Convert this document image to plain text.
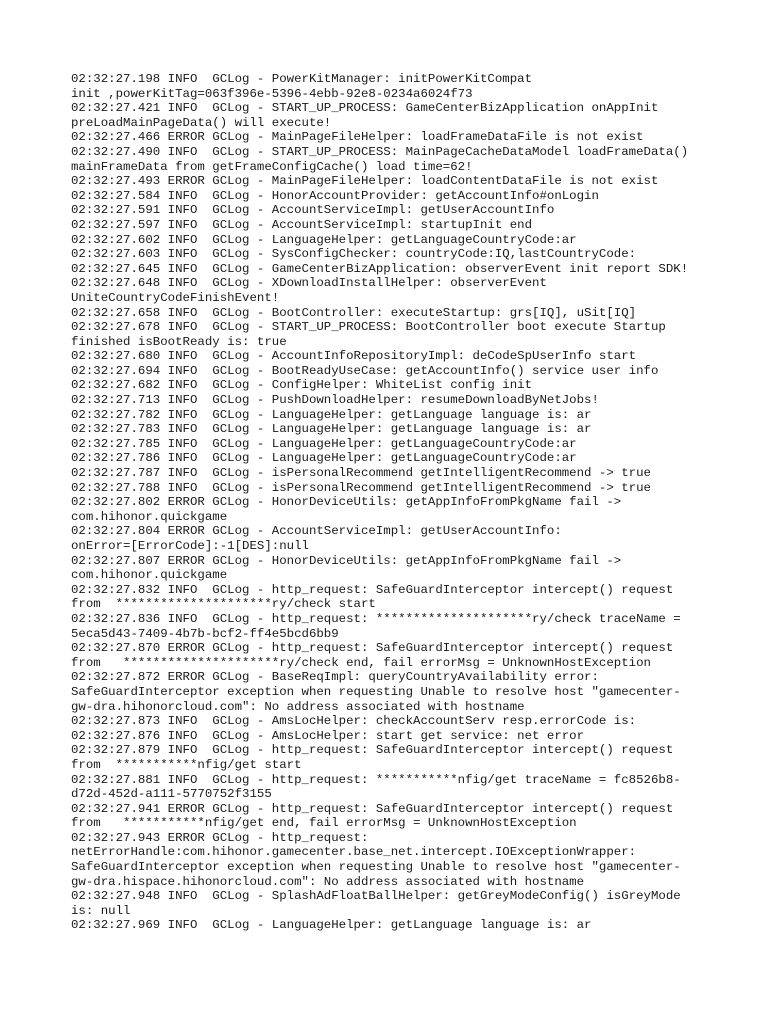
02:32:27.198 INFO  GCLog - PowerKitManager: initPowerKitCompat
init ,powerKitTag=063f396e-5396-4ebb-92e8-0234a6024f73
02:32:27.421 INFO  GCLog - START_UP_PROCESS: GameCenterBizApplication onAppInit
preLoadMainPageData() will execute!
02:32:27.466 ERROR GCLog - MainPageFileHelper: loadFrameDataFile is not exist
02:32:27.490 INFO  GCLog - START_UP_PROCESS: MainPageCacheDataModel loadFrameData()
mainFrameData from getFrameConfigCache() load time=62!
02:32:27.493 ERROR GCLog - MainPageFileHelper: loadContentDataFile is not exist
02:32:27.584 INFO  GCLog - HonorAccountProvider: getAccountInfo#onLogin
02:32:27.591 INFO  GCLog - AccountServiceImpl: getUserAccountInfo
02:32:27.597 INFO  GCLog - AccountServiceImpl: startupInit end
02:32:27.602 INFO  GCLog - LanguageHelper: getLanguageCountryCode:ar
02:32:27.603 INFO  GCLog - SysConfigChecker: countryCode:IQ,lastCountryCode:
02:32:27.645 INFO  GCLog - GameCenterBizApplication: observerEvent init report SDK!
02:32:27.648 INFO  GCLog - XDownloadInstallHelper: observerEvent
UniteCountryCodeFinishEvent!
02:32:27.658 INFO  GCLog - BootController: executeStartup: grs[IQ], uSit[IQ]
02:32:27.678 INFO  GCLog - START_UP_PROCESS: BootController boot execute Startup
finished isBootReady is: true
02:32:27.680 INFO  GCLog - AccountInfoRepositoryImpl: deCodeSpUserInfo start
02:32:27.694 INFO  GCLog - BootReadyUseCase: getAccountInfo() service user info
02:32:27.682 INFO  GCLog - ConfigHelper: WhiteList config init
02:32:27.713 INFO  GCLog - PushDownloadHelper: resumeDownloadByNetJobs!
02:32:27.782 INFO  GCLog - LanguageHelper: getLanguage language is: ar
02:32:27.783 INFO  GCLog - LanguageHelper: getLanguage language is: ar
02:32:27.785 INFO  GCLog - LanguageHelper: getLanguageCountryCode:ar
02:32:27.786 INFO  GCLog - LanguageHelper: getLanguageCountryCode:ar
02:32:27.787 INFO  GCLog - isPersonalRecommend getIntelligentRecommend -> true
02:32:27.788 INFO  GCLog - isPersonalRecommend getIntelligentRecommend -> true
02:32:27.802 ERROR GCLog - HonorDeviceUtils: getAppInfoFromPkgName fail ->
com.hihonor.quickgame
02:32:27.804 ERROR GCLog - AccountServiceImpl: getUserAccountInfo:
onError=[ErrorCode]:-1[DES]:null
02:32:27.807 ERROR GCLog - HonorDeviceUtils: getAppInfoFromPkgName fail ->
com.hihonor.quickgame
02:32:27.832 INFO  GCLog - http_request: SafeGuardInterceptor intercept() request
from  *********************ry/check start
02:32:27.836 INFO  GCLog - http_request: *********************ry/check traceName =
5eca5d43-7409-4b7b-bcf2-ff4e5bcd6bb9
02:32:27.870 ERROR GCLog - http_request: SafeGuardInterceptor intercept() request
from   *********************ry/check end, fail errorMsg = UnknownHostException
02:32:27.872 ERROR GCLog - BaseReqImpl: queryCountryAvailability error:
SafeGuardInterceptor exception when requesting Unable to resolve host "gamecenter-
gw-dra.hihonorcloud.com": No address associated with hostname
02:32:27.873 INFO  GCLog - AmsLocHelper: checkAccountServ resp.errorCode is:
02:32:27.876 INFO  GCLog - AmsLocHelper: start get service: net error
02:32:27.879 INFO  GCLog - http_request: SafeGuardInterceptor intercept() request
from  ***********nfig/get start
02:32:27.881 INFO  GCLog - http_request: ***********nfig/get traceName = fc8526b8-
d72d-452d-a111-5770752f3155
02:32:27.941 ERROR GCLog - http_request: SafeGuardInterceptor intercept() request
from   ***********nfig/get end, fail errorMsg = UnknownHostException
02:32:27.943 ERROR GCLog - http_request:
netErrorHandle:com.hihonor.gamecenter.base_net.intercept.IOExceptionWrapper:
SafeGuardInterceptor exception when requesting Unable to resolve host "gamecenter-
gw-dra.hispace.hihonorcloud.com": No address associated with hostname
02:32:27.948 INFO  GCLog - SplashAdFloatBallHelper: getGreyModeConfig() isGreyMode
is: null
02:32:27.969 INFO  GCLog - LanguageHelper: getLanguage language is: ar
